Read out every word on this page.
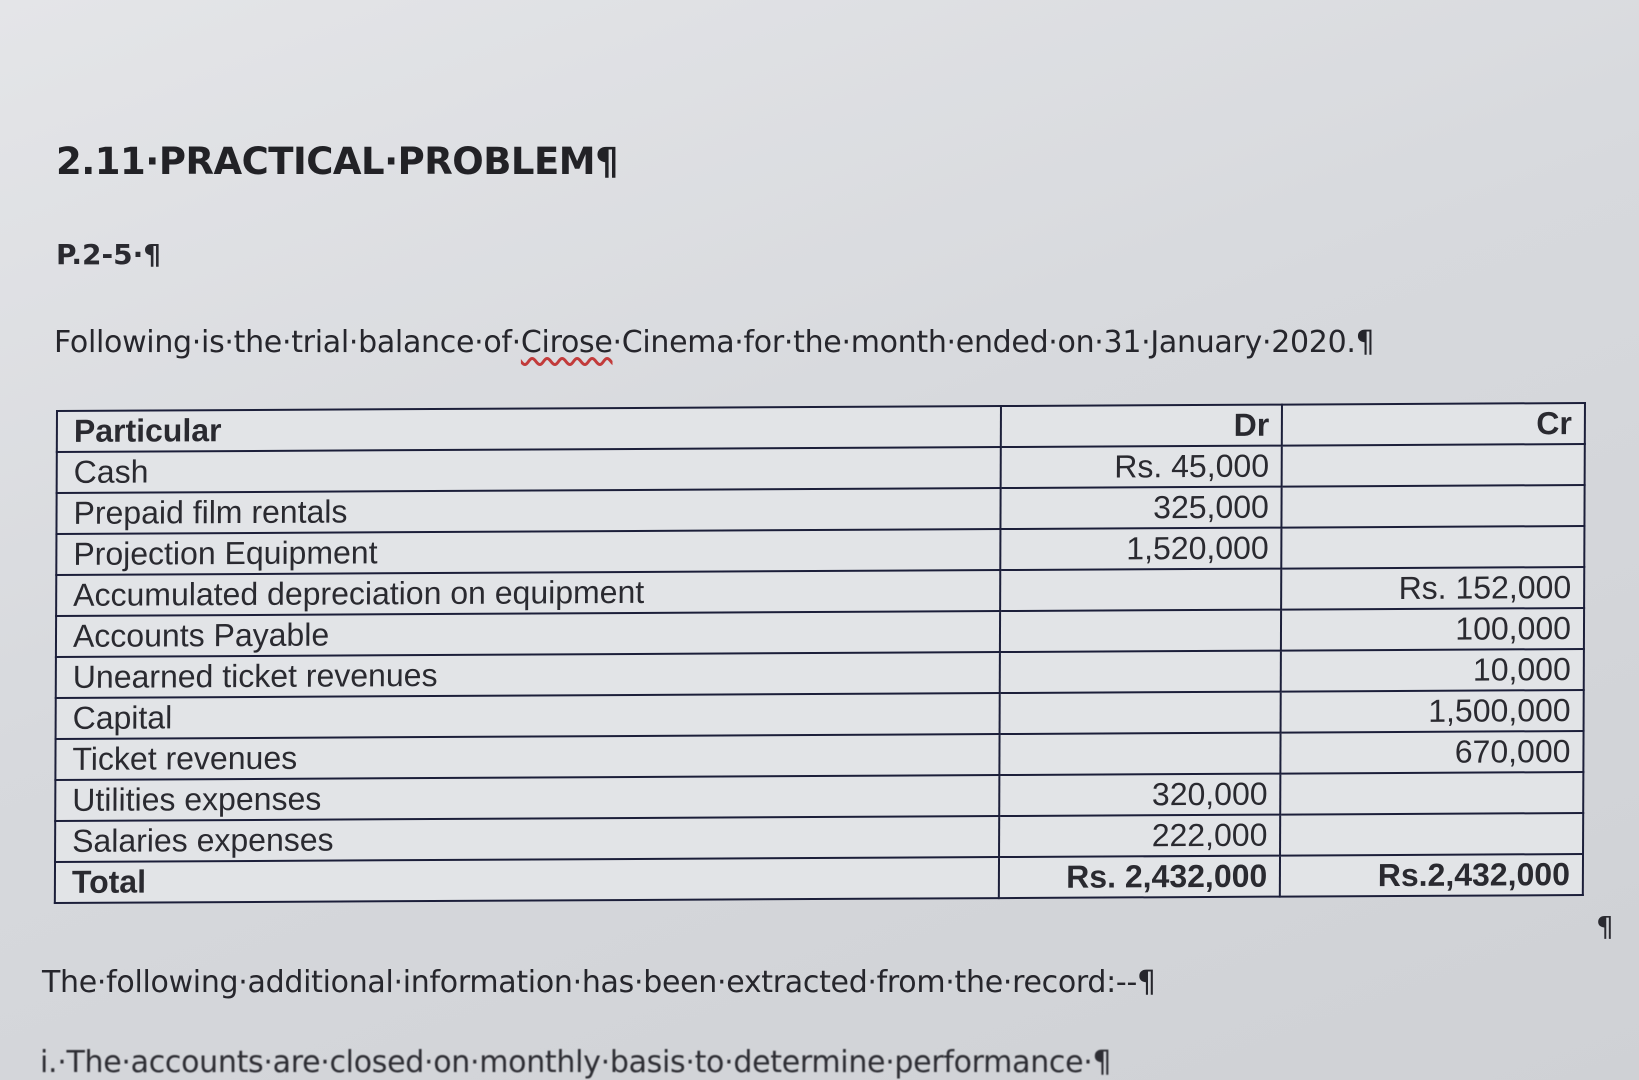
2.11·PRACTICAL·PROBLEM¶
P.2-5·¶
Following·is·the·trial·balance·of·Cirose·Cinema·for·the·month·ended·on·31·January·2020.¶
Particular	Dr	Cr
Cash	Rs. 45,000	
Prepaid film rentals	325,000	
Projection Equipment	1,520,000	
Accumulated depreciation on equipment		Rs. 152,000
Accounts Payable		100,000
Unearned ticket revenues		10,000
Capital		1,500,000
Ticket revenues		670,000
Utilities expenses	320,000	
Salaries expenses	222,000	
Total	Rs. 2,432,000	Rs.2,432,000
¶
The·following·additional·information·has·been·extracted·from·the·record:--¶
i.·The·accounts·are·closed·on·monthly·basis·to·determine·performance·¶
